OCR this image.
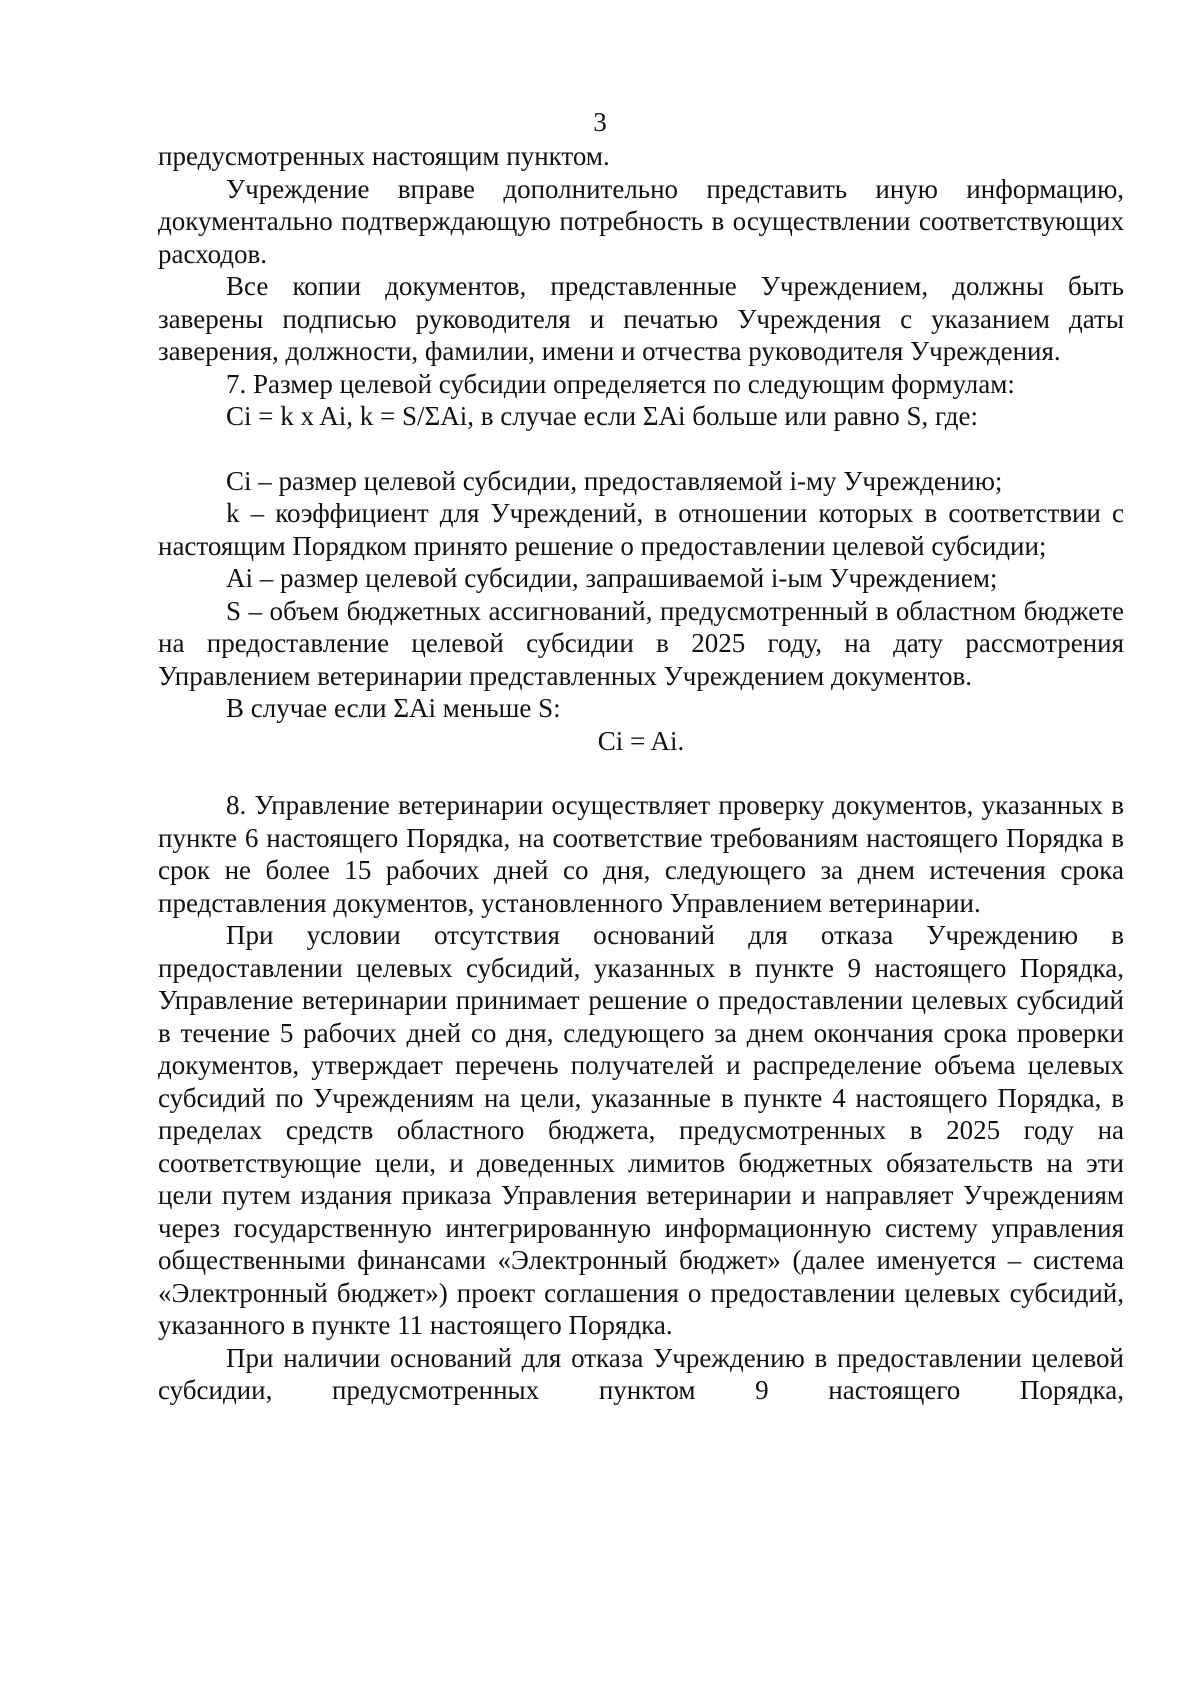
3

предусмотренных настоящим пунктом.

Учреждение вправе дополнительно представить иную информацию, документально подтверждающую потребность в осуществлении соответствующих расходов.

Все копии документов, представленные Учреждением, должны быть заверены подписью руководителя и печатью Учреждения с указанием даты заверения, должности, фамилии, имени и отчества руководителя Учреждения.

7. Размер целевой субсидии определяется по следующим формулам:

Ci = k x Ai, k = S/ΣAi, в случае если ΣAi больше или равно S, где:

Ci – размер целевой субсидии, предоставляемой i-му Учреждению;

k – коэффициент для Учреждений, в отношении которых в соответствии с настоящим Порядком принято решение о предоставлении целевой субсидии;

Ai – размер целевой субсидии, запрашиваемой i-ым Учреждением;

S – объем бюджетных ассигнований, предусмотренный в областном бюджете на предоставление целевой субсидии в 2025 году, на дату рассмотрения Управлением ветеринарии представленных Учреждением документов.

В случае если ΣAi меньше S:

Ci = Ai.

8. Управление ветеринарии осуществляет проверку документов, указанных в пункте 6 настоящего Порядка, на соответствие требованиям настоящего Порядка в срок не более 15 рабочих дней со дня, следующего за днем истечения срока представления документов, установленного Управлением ветеринарии.

При условии отсутствия оснований для отказа Учреждению в предоставлении целевых субсидий, указанных в пункте 9 настоящего Порядка, Управление ветеринарии принимает решение о предоставлении целевых субсидий в течение 5 рабочих дней со дня, следующего за днем окончания срока проверки документов, утверждает перечень получателей и распределение объема целевых субсидий по Учреждениям на цели, указанные в пункте 4 настоящего Порядка, в пределах средств областного бюджета, предусмотренных в 2025 году на соответствующие цели, и доведенных лимитов бюджетных обязательств на эти цели путем издания приказа Управления ветеринарии и направляет Учреждениям через государственную интегрированную информационную систему управления общественными финансами «Электронный бюджет» (далее именуется – система «Электронный бюджет») проект соглашения о предоставлении целевых субсидий, указанного в пункте 11 настоящего Порядка.

При наличии оснований для отказа Учреждению в предоставлении целевой субсидии, предусмотренных пунктом 9 настоящего Порядка,
